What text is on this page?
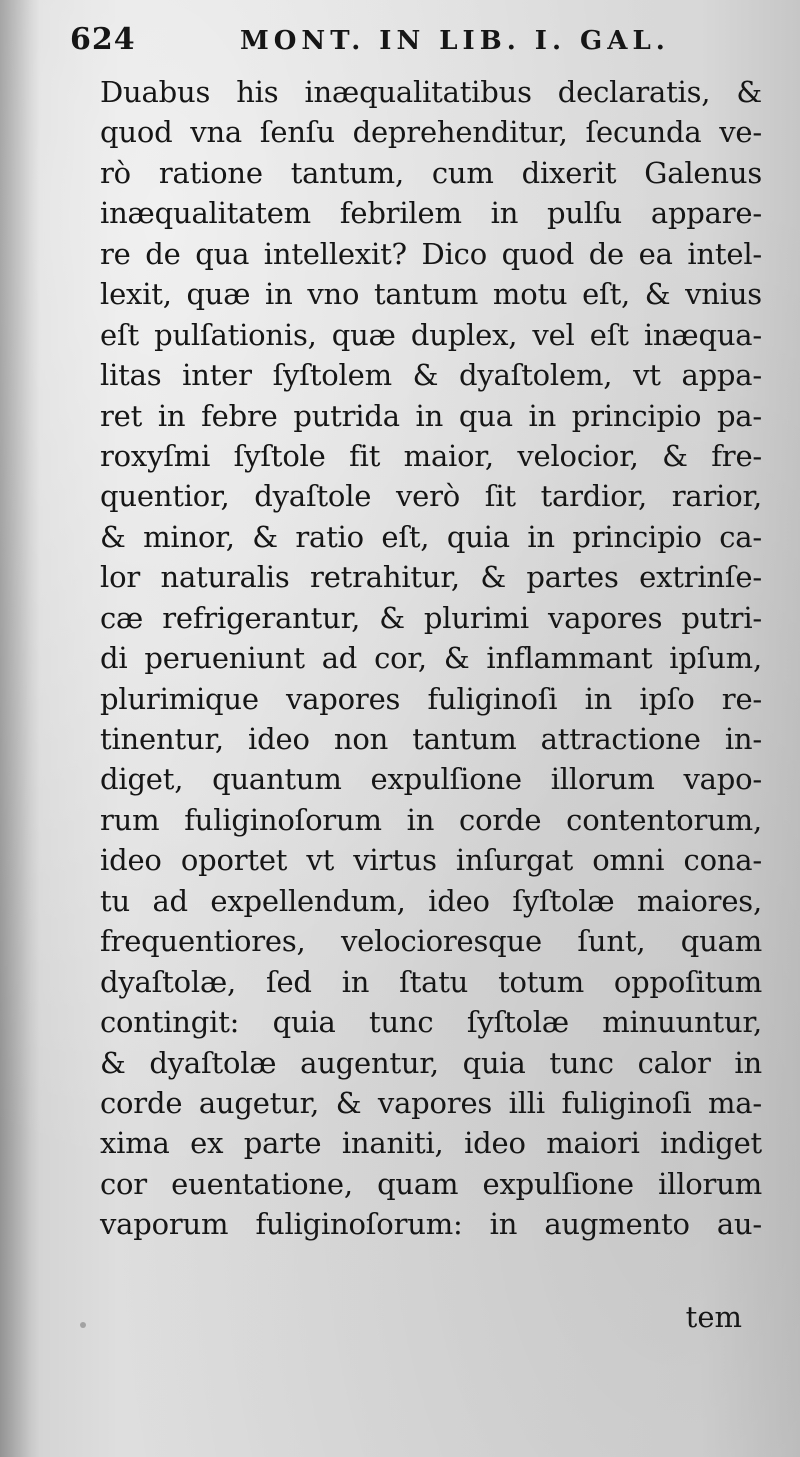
624	MONT. IN LIB. I. GAL.
Duabus his inæqualitatibus declaratis, &
quod vna ſenſu deprehenditur, ſecunda ve-
rò ratione tantum, cum dixerit Galenus
inæqualitatem febrilem in pulſu appare-
re de qua intellexit? Dico quod de ea intel-
lexit, quæ in vno tantum motu eſt, & vnius
eſt pulſationis, quæ duplex, vel eſt inæqua-
litas inter ſyſtolem & dyaſtolem, vt appa-
ret in febre putrida in qua in principio pa-
roxyſmi ſyſtole fit maior, velocior, & fre-
quentior, dyaſtole verò ſit tardior, rarior,
& minor, & ratio eſt, quia in principio ca-
lor naturalis retrahitur, & partes extrinſe-
cæ refrigerantur, & plurimi vapores putri-
di perueniunt ad cor, & inflammant ipſum,
plurimique vapores fuliginoſi in ipſo re-
tinentur, ideo non tantum attractione in-
diget, quantum expulſione illorum vapo-
rum fuliginoſorum in corde contentorum,
ideo oportet vt virtus inſurgat omni cona-
tu ad expellendum, ideo ſyſtolæ maiores,
frequentiores, velocioresque ſunt, quam
dyaſtolæ, ſed in ſtatu totum oppoſitum
contingit: quia tunc ſyſtolæ minuuntur,
& dyaſtolæ augentur, quia tunc calor in
corde augetur, & vapores illi fuliginoſi ma-
xima ex parte inaniti, ideo maiori indiget
cor euentatione, quam expulſione illorum
vaporum fuliginoſorum: in augmento au-
tem
